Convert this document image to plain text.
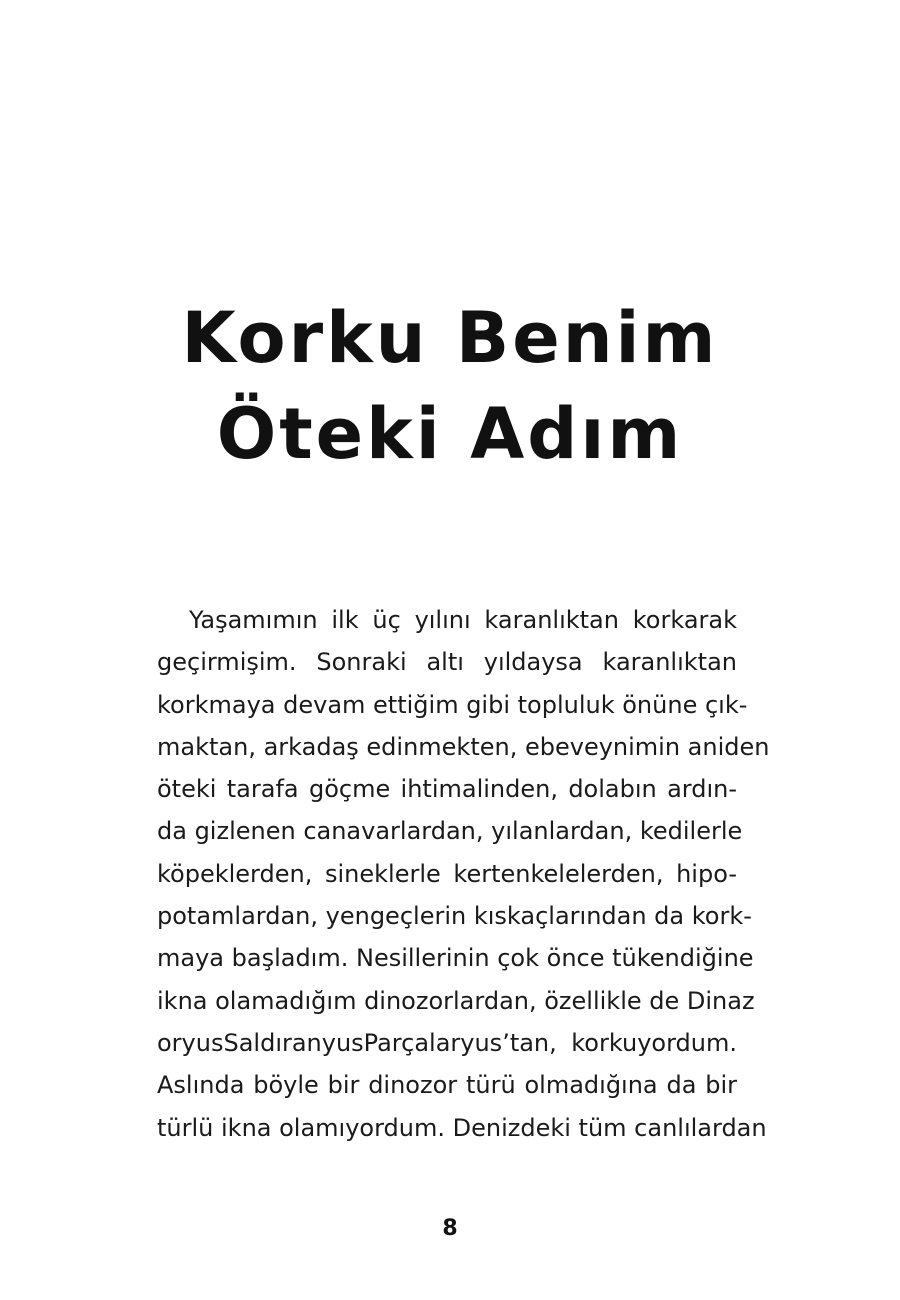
Korku Benim
Öteki Adım
Yaşamımın ilk üç yılını karanlıktan korkarak
geçirmişim. Sonraki altı yıldaysa karanlıktan
korkmaya devam ettiğim gibi topluluk önüne çık-
maktan, arkadaş edinmekten, ebeveynimin aniden
öteki tarafa göçme ihtimalinden, dolabın ardın-
da gizlenen canavarlardan, yılanlardan, kedilerle
köpeklerden, sineklerle kertenkelelerden, hipo-
potamlardan, yengeçlerin kıskaçlarından da kork-
maya başladım. Nesillerinin çok önce tükendiğine
ikna olamadığım dinozorlardan, özellikle de Dinaz
oryusSaldıranyusParçalaryus’tan, korkuyordum.
Aslında böyle bir dinozor türü olmadığına da bir
türlü ikna olamıyordum. Denizdeki tüm canlılardan
8
